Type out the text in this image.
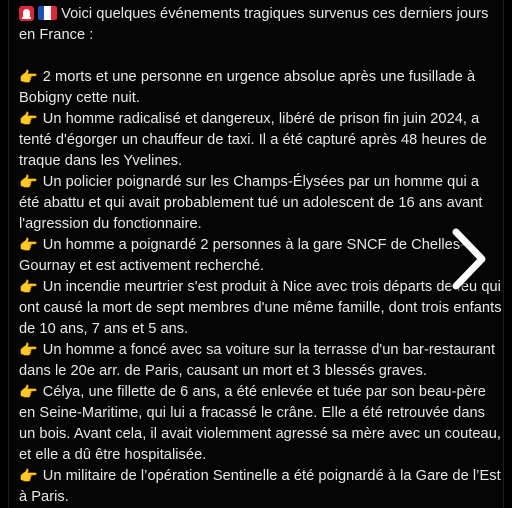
Voici quelques événements tragiques survenus ces derniers jours en France :

👉 2 morts et une personne en urgence absolue après une fusillade à Bobigny cette nuit.

👉 Un homme radicalisé et dangereux, libéré de prison fin juin 2024, a tenté d'égorger un chauffeur de taxi. Il a été capturé après 48 heures de traque dans les Yvelines.

👉 Un policier poignardé sur les Champs-Élysées par un homme qui a été abattu et qui avait probablement tué un adolescent de 16 ans avant l'agression du fonctionnaire.

👉 Un homme a poignardé 2 personnes à la gare SNCF de Chelles-Gournay et est activement recherché.

👉 Un incendie meurtrier s'est produit à Nice avec trois départs de feu qui ont causé la mort de sept membres d'une même famille, dont trois enfants de 10 ans, 7 ans et 5 ans.

👉 Un homme a foncé avec sa voiture sur la terrasse d'un bar-restaurant dans le 20e arr. de Paris, causant un mort et 3 blessés graves.

👉 Célya, une fillette de 6 ans, a été enlevée et tuée par son beau-père en Seine-Maritime, qui lui a fracassé le crâne. Elle a été retrouvée dans un bois. Avant cela, il avait violemment agressé sa mère avec un couteau, et elle a dû être hospitalisée.

👉 Un militaire de l’opération Sentinelle a été poignardé à la Gare de l’Est à Paris.
